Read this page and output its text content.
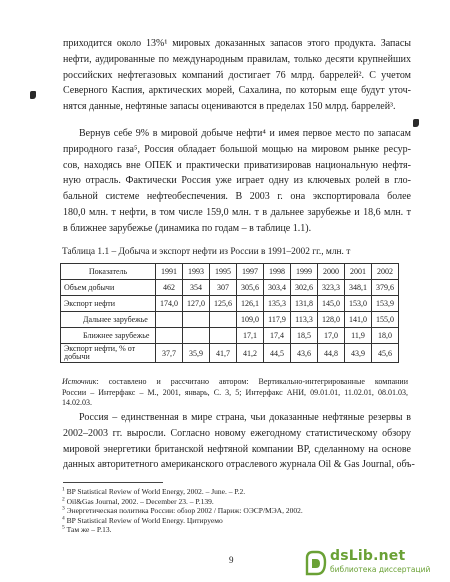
приходится около 13%¹ мировых доказанных запасов этого продукта. Запасы
нефти, аудированные по международным правилам, только десяти крупнейших
российских нефтегазовых компаний достигает 76 млрд. баррелей². С учетом
Северного Каспия, арктических морей, Сахалина, по которым еще будут уточ-
нятся данные, нефтяные запасы оцениваются в пределах 150 млрд. баррелей³.

Вернув себе 9% в мировой добыче нефти⁴ и имея первое место по запасам
природного газа⁵, Россия обладает большой мощью на мировом рынке ресур-
сов, находясь вне ОПЕК и практически приватизировав национальную нефтя-
ную отрасль. Фактически Россия уже играет одну из ключевых ролей в гло-
бальной системе нефтеобеспечения. В 2003 г. она экспортировала более
180,0 млн. т нефти, в том числе 159,0 млн. т в дальнее зарубежье и 18,6 млн. т
в ближнее зарубежье (динамика по годам – в таблице 1.1).

Таблица 1.1 – Добыча и экспорт нефти из России в 1991–2002 гг., млн. т
Показатель	1991	1993	1995	1997	1998	1999	2000	2001	2002
Объем добычи	462	354	307	305,6	303,4	302,6	323,3	348,1	379,6
Экспорт нефти	174,0	127,0	125,6	126,1	135,3	131,8	145,0	153,0	153,9
Дальнее зарубежье				109,0	117,9	113,3	128,0	141,0	155,0
Ближнее зарубежье				17,1	17,4	18,5	17,0	11,9	18,0
Экспорт нефти, % от добычи	37,7	35,9	41,7	41,2	44,5	43,6	44,8	43,9	45,6

Источник: составлено и рассчитано автором: Вертикально-интегрированные компании
России – Интерфакс – М., 2001, январь, С. 3, 5; Интерфакс АНИ, 09.01.01, 11.02.01, 08.01.03,
14.02.03.

Россия – единственная в мире страна, чьи доказанные нефтяные резервы в
2002–2003 гг. выросли. Согласно новому ежегодному статистическому обзору
мировой энергетики британской нефтяной компании BP, сделанному на основе
данных авторитетного американского отраслевого журнала Oil & Gas Journal, объ-

$^1$ BP Statistical Review of World Energy, 2002. – June. – P.2.
$^2$ Oil&Gas Journal, 2002. – December 23. – P.139.
$^3$ Энергетическая политика России: обзор 2002 / Париж: ОЭСР/МЭА, 2002.
$^4$ BP Statistical Review of World Energy. Цитируемо
$^5$ Там же – P.13.
9	dsLib.net
библиотека диссертаций
